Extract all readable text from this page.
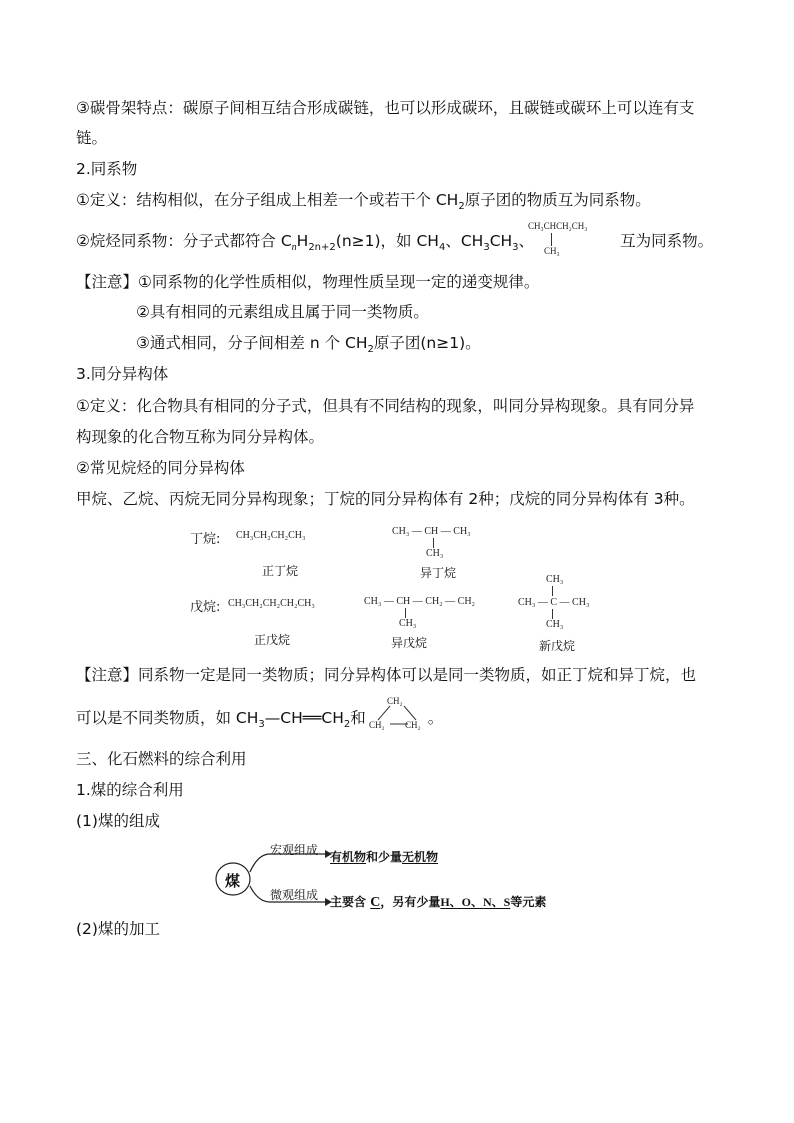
③碳骨架特点：碳原子间相互结合形成碳链，也可以形成碳环，且碳链或碳环上可以连有支
链。
2.同系物
①定义：结构相似，在分子组成上相差一个或若干个 $CH_2$原子团的物质互为同系物。
②烷烃同系物：分子式都符合 $C_nH_{2n+2}(n\ge 1)$，如 $CH_4$、$CH_3CH_3$、	互为同系物。
CH₃CHCH₂CH₃
CH₃
【注意】①同系物的化学性质相似，物理性质呈现一定的递变规律。
②具有相同的元素组成且属于同一类物质。
③通式相同，分子间相差 n 个 $CH_2$原子团(n≥1)。
3.同分异构体
①定义：化合物具有相同的分子式，但具有不同结构的现象，叫同分异构现象。具有同分异
构现象的化合物互称为同分异构体。
②常见烷烃的同分异构体
甲烷、乙烷、丙烷无同分异构现象；丁烷的同分异构体有 2种；戊烷的同分异构体有 3种。
丁烷: CH₃CH₂CH₂CH₃
正丁烷
CH₃ — CH — CH₃
CH₃
异丁烷
戊烷: CH₃CH₂CH₂CH₂CH₃
正戊烷
CH₃ — CH — CH₂ — CH₂
CH₃
异戊烷
CH₃
CH₃ — C — CH₃
CH₃
新戊烷
【注意】同系物一定是同一类物质；同分异构体可以是同一类物质，如正丁烷和异丁烷，也
可以是不同类物质，如 $CH_3—CH══CH_2$和	。
CH₂
CH₂ CH₂
三、化石燃料的综合利用
1.煤的综合利用
(1)煤的组成
煤
宏观组成 有机物和少量无机物
微观组成 主要含 C，另有少量H、O、N、S等元素
(2)煤的加工
